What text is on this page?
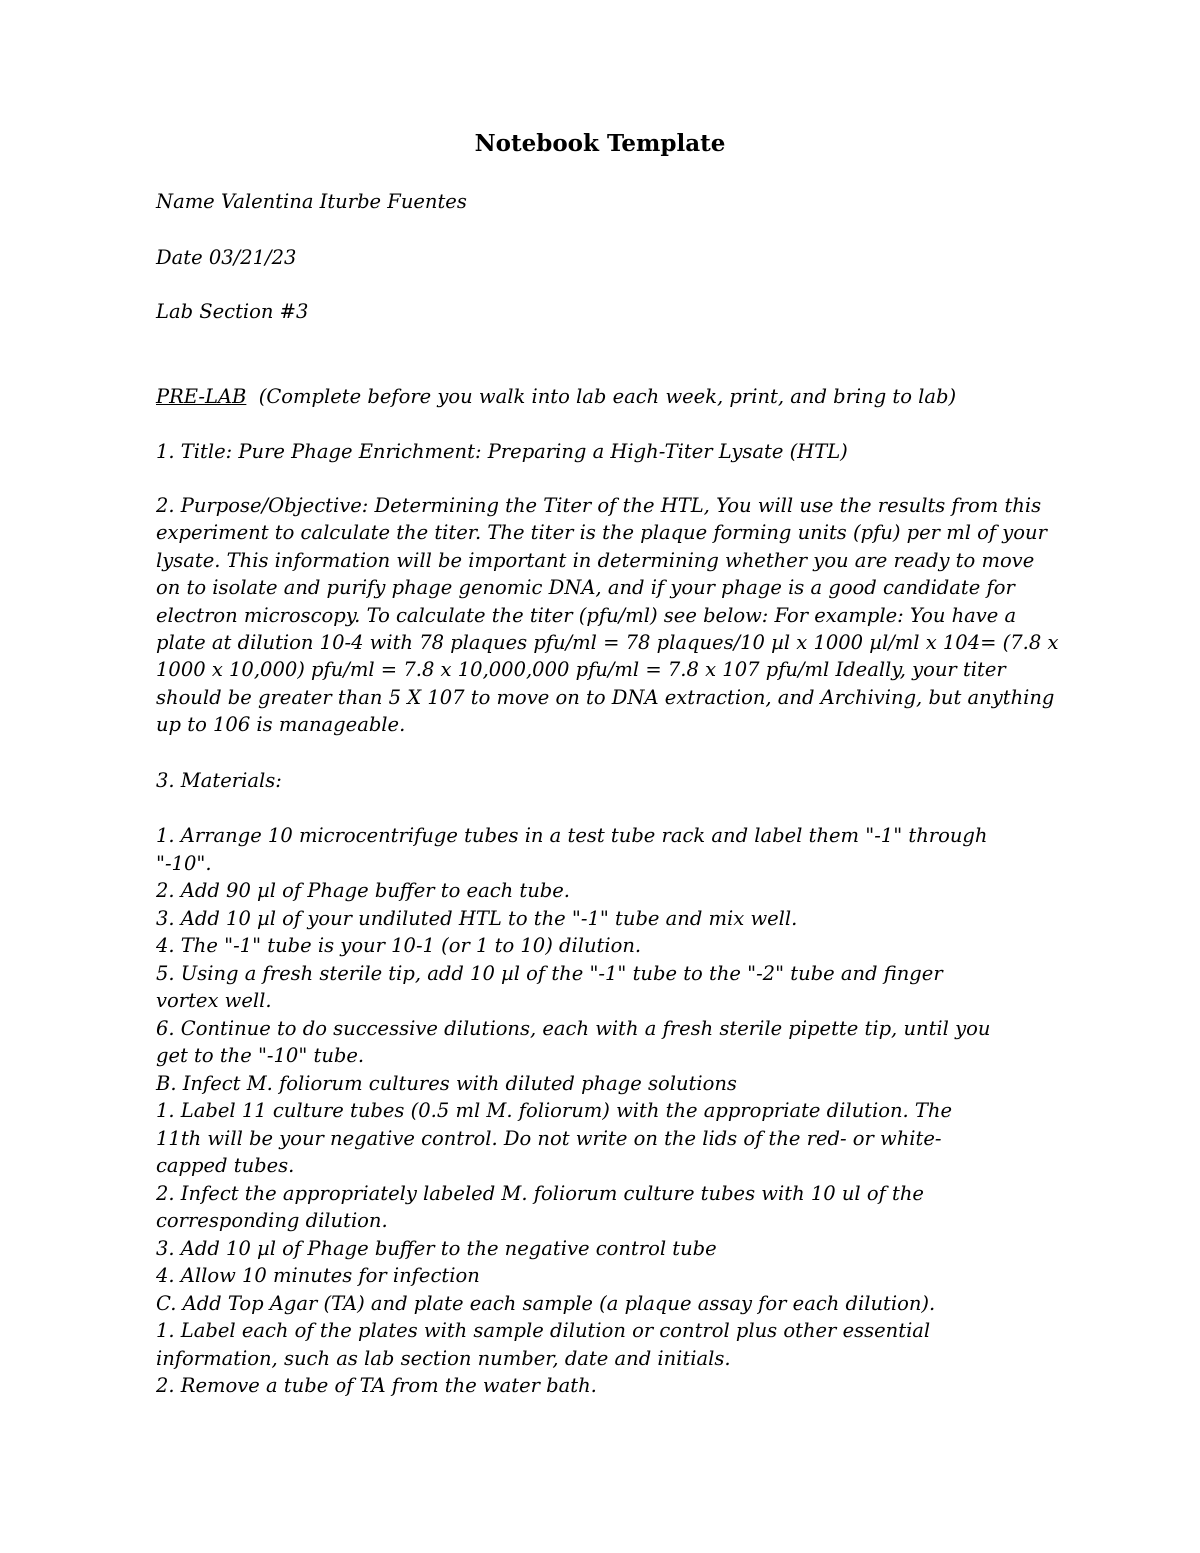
Notebook Template

Name Valentina Iturbe Fuentes

Date 03/21/23

Lab Section #3

PRE-LAB (Complete before you walk into lab each week, print, and bring to lab)

1. Title: Pure Phage Enrichment: Preparing a High-Titer Lysate (HTL)

2. Purpose/Objective: Determining the Titer of the HTL, You will use the results from this
experiment to calculate the titer. The titer is the plaque forming units (pfu) per ml of your
lysate. This information will be important in determining whether you are ready to move
on to isolate and purify phage genomic DNA, and if your phage is a good candidate for
electron microscopy. To calculate the titer (pfu/ml) see below: For example: You have a
plate at dilution 10-4 with 78 plaques pfu/ml = 78 plaques/10 µl x 1000 µl/ml x 104= (7.8 x
1000 x 10,000) pfu/ml = 7.8 x 10,000,000 pfu/ml = 7.8 x 107 pfu/ml Ideally, your titer
should be greater than 5 X 107 to move on to DNA extraction, and Archiving, but anything
up to 106 is manageable.

3. Materials:

1. Arrange 10 microcentrifuge tubes in a test tube rack and label them "-1" through
"-10".
2. Add 90 µl of Phage buffer to each tube.
3. Add 10 µl of your undiluted HTL to the "-1" tube and mix well.
4. The "-1" tube is your 10-1 (or 1 to 10) dilution.
5. Using a fresh sterile tip, add 10 µl of the "-1" tube to the "-2" tube and finger
vortex well.
6. Continue to do successive dilutions, each with a fresh sterile pipette tip, until you
get to the "-10" tube.
B. Infect M. foliorum cultures with diluted phage solutions
1. Label 11 culture tubes (0.5 ml M. foliorum) with the appropriate dilution. The
11th will be your negative control. Do not write on the lids of the red- or white-
capped tubes.
2. Infect the appropriately labeled M. foliorum culture tubes with 10 ul of the
corresponding dilution.
3. Add 10 µl of Phage buffer to the negative control tube
4. Allow 10 minutes for infection
C. Add Top Agar (TA) and plate each sample (a plaque assay for each dilution).
1. Label each of the plates with sample dilution or control plus other essential
information, such as lab section number, date and initials.
2. Remove a tube of TA from the water bath.
